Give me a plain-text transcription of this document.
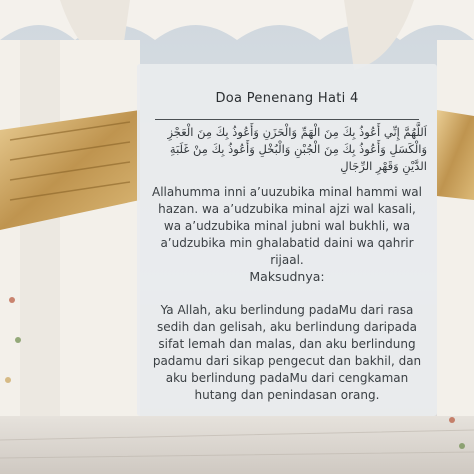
Doa Penenang Hati 4
اَللَّهُمَّ إِنِّي أَعُوذُ بِكَ مِنَ الْهَمِّ وَالْحَزَنِ وَأَعُوذُ بِكَ مِنَ الْعَجْزِ وَالْكَسَلِ وَأَعُوذُ بِكَ مِنَ الْجُبْنِ وَالْبُخْلِ وَأَعُوذُ بِكَ مِنْ غَلَبَةِ الدَّيْنِ وَقَهْرِ الرِّجَالِ
Allahumma inni a’uuzubika minal hammi wal hazan. wa a’udzubika minal ajzi wal kasali, wa a’udzubika minal jubni wal bukhli, wa a’udzubika min ghalabatid daini wa qahrir rijaal.
Maksudnya:
Ya Allah, aku berlindung padaMu dari rasa sedih dan gelisah, aku berlindung daripada sifat lemah dan malas, dan aku berlindung padamu dari sikap pengecut dan bakhil, dan aku berlindung padaMu dari cengkaman hutang dan penindasan orang.
